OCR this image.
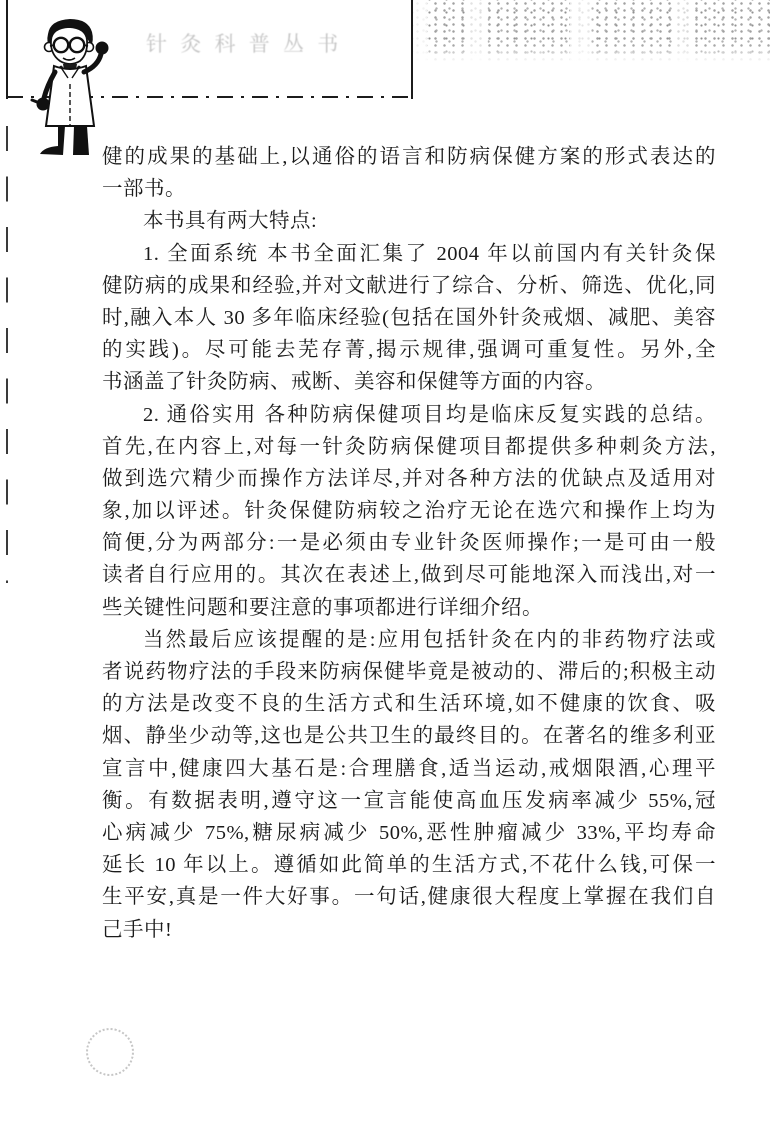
针 灸 科 普 丛 书
健的成果的基础上,以通俗的语言和防病保健方案的形式表达的
一部书。
本书具有两大特点:
1. 全面系统 本书全面汇集了 2004 年以前国内有关针灸保
健防病的成果和经验,并对文献进行了综合、分析、筛选、优化,同
时,融入本人 30 多年临床经验(包括在国外针灸戒烟、减肥、美容
的实践)。尽可能去芜存菁,揭示规律,强调可重复性。另外,全
书涵盖了针灸防病、戒断、美容和保健等方面的内容。
2. 通俗实用 各种防病保健项目均是临床反复实践的总结。
首先,在内容上,对每一针灸防病保健项目都提供多种刺灸方法,
做到选穴精少而操作方法详尽,并对各种方法的优缺点及适用对
象,加以评述。针灸保健防病较之治疗无论在选穴和操作上均为
简便,分为两部分:一是必须由专业针灸医师操作;一是可由一般
读者自行应用的。其次在表述上,做到尽可能地深入而浅出,对一
些关键性问题和要注意的事项都进行详细介绍。
当然最后应该提醒的是:应用包括针灸在内的非药物疗法或
者说药物疗法的手段来防病保健毕竟是被动的、滞后的;积极主动
的方法是改变不良的生活方式和生活环境,如不健康的饮食、吸
烟、静坐少动等,这也是公共卫生的最终目的。在著名的维多利亚
宣言中,健康四大基石是:合理膳食,适当运动,戒烟限酒,心理平
衡。有数据表明,遵守这一宣言能使高血压发病率减少 55%,冠
心病减少 75%,糖尿病减少 50%,恶性肿瘤减少 33%,平均寿命
延长 10 年以上。遵循如此简单的生活方式,不花什么钱,可保一
生平安,真是一件大好事。一句话,健康很大程度上掌握在我们自
己手中!
